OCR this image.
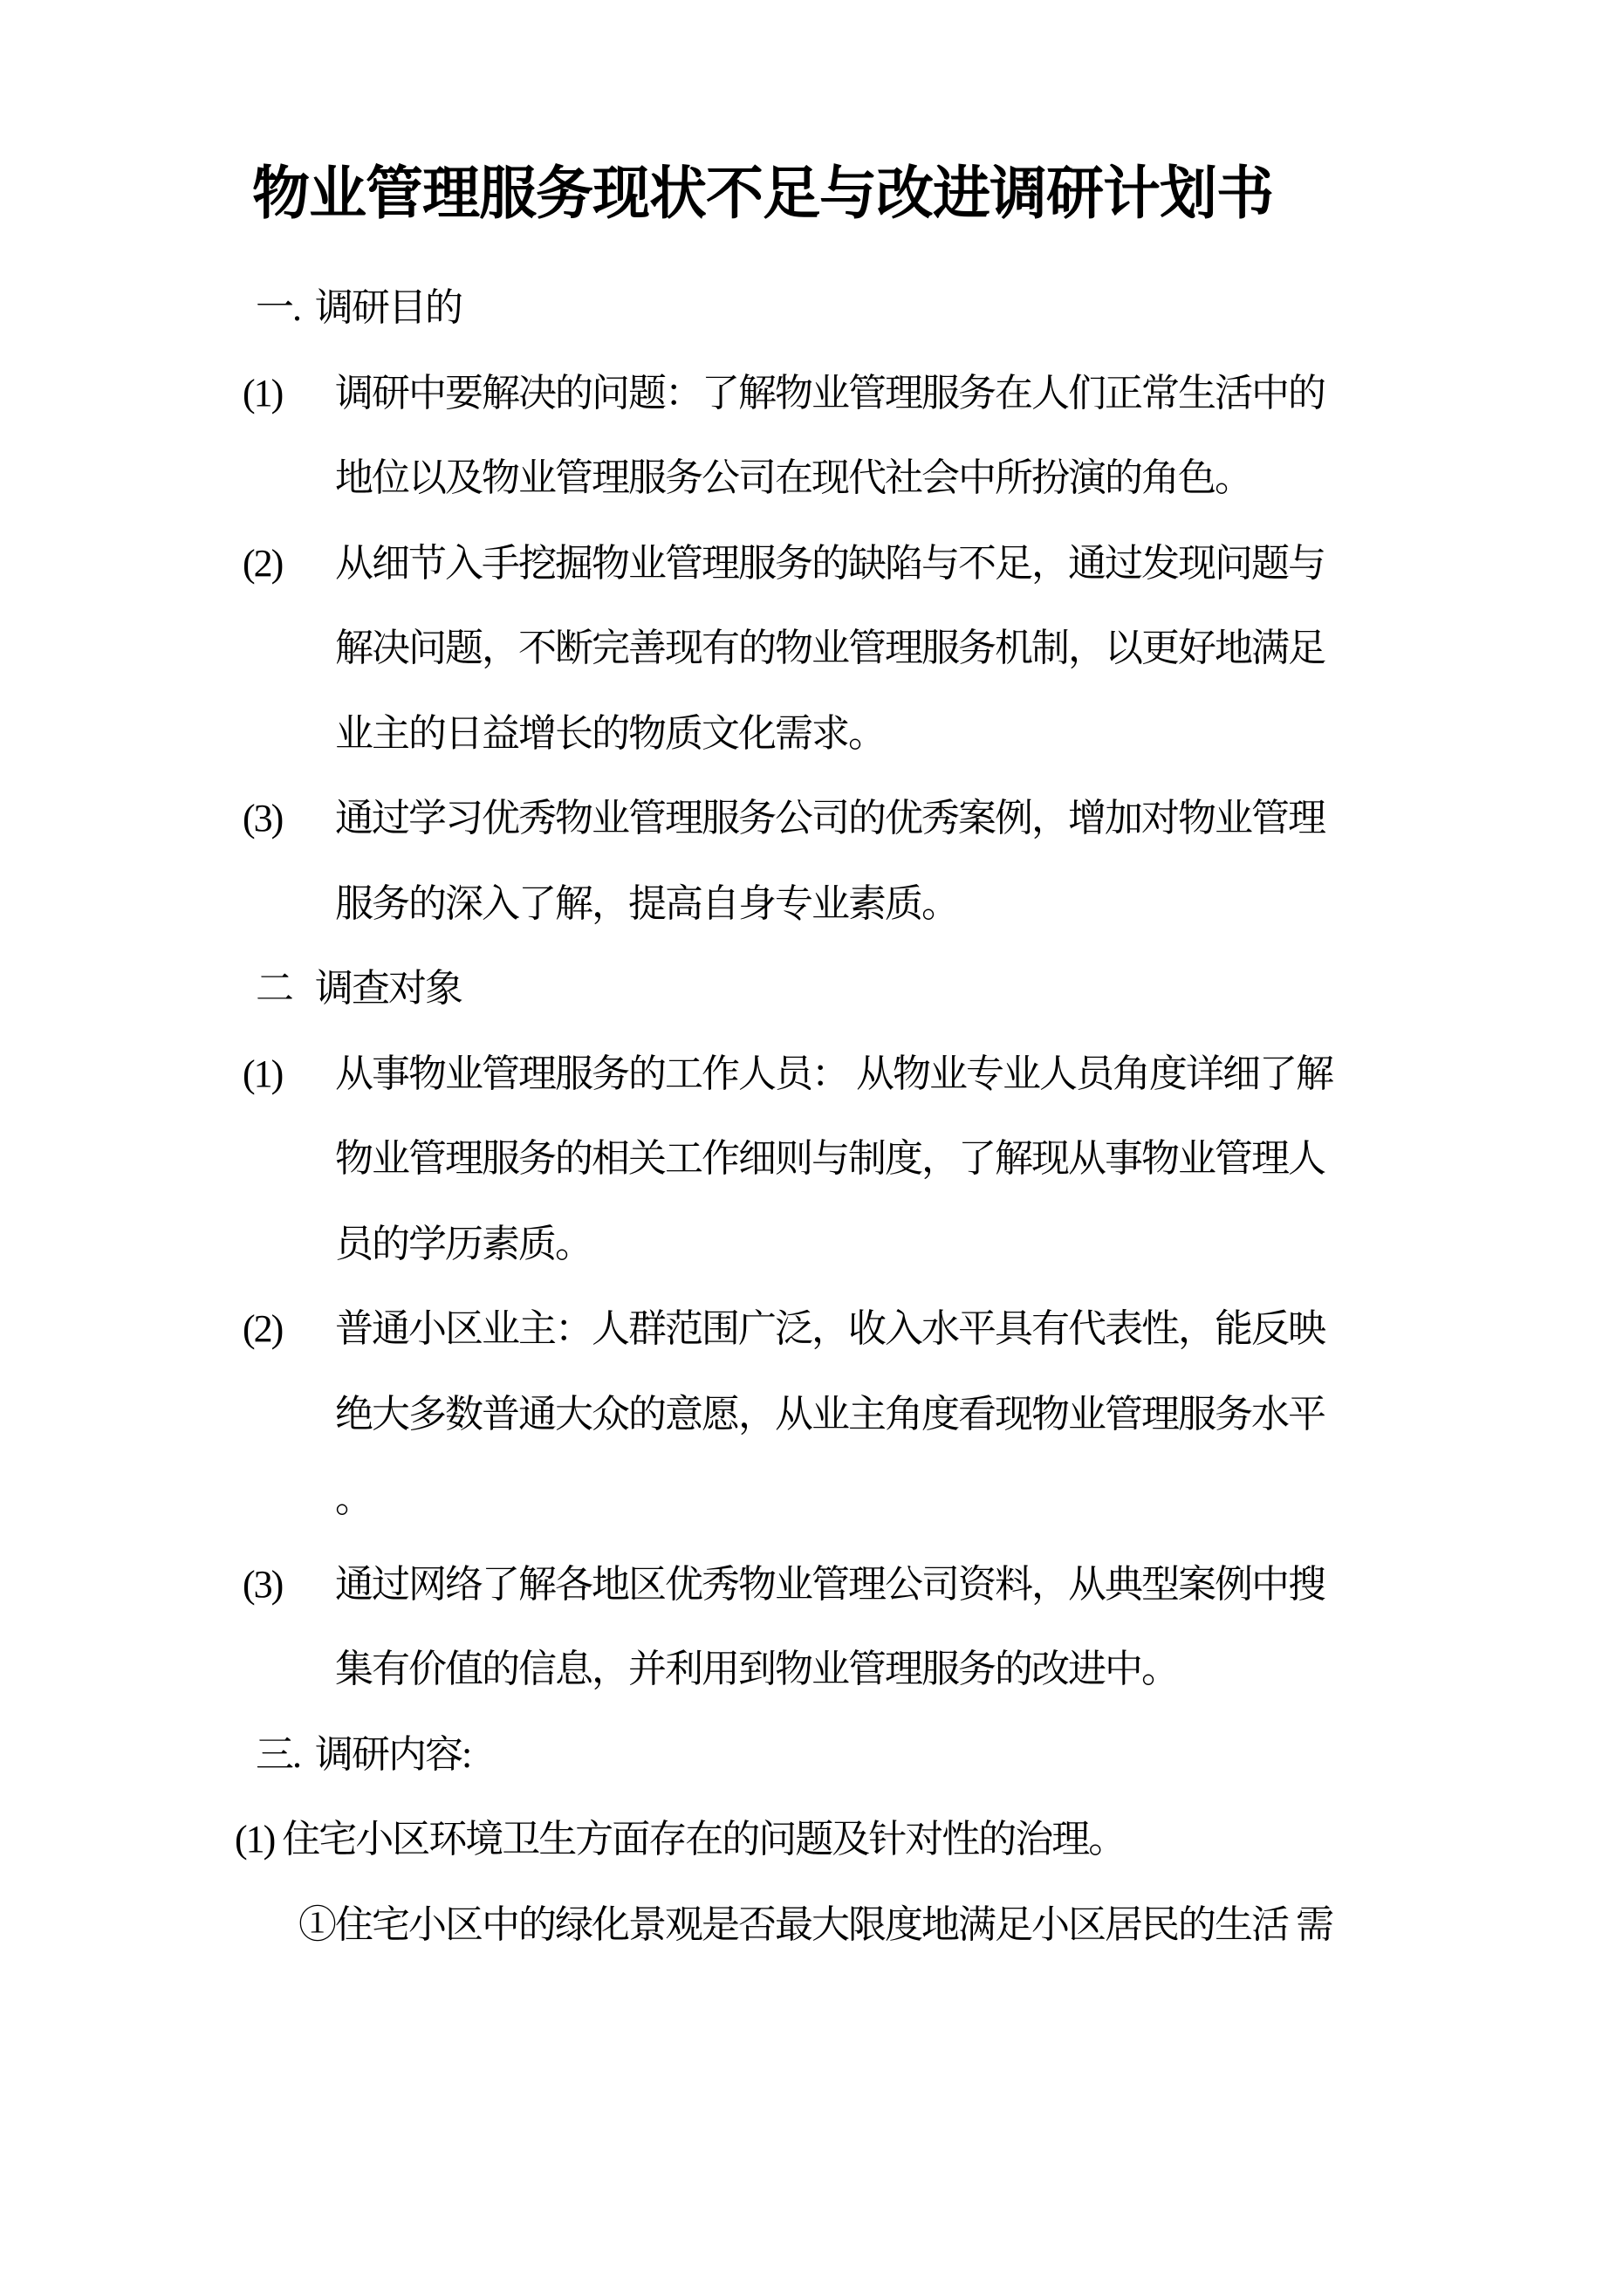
物业管理服务现状不足与改进调研计划书
一. 调研目的
(1) 调研中要解决的问题：了解物业管理服务在人们正常生活中的
地位以及物业管理服务公司在现代社会中所扮演的角色。
(2) 从细节入手挖掘物业管理服务的缺陷与不足，通过发现问题与
解决问题，不断完善现有的物业管理服务机制，以更好地满足
业主的日益增长的物质文化需求。
(3) 通过学习优秀物业管理服务公司的优秀案例，增加对物业管理
服务的深入了解，提高自身专业素质。
二 调查对象
(1) 从事物业管理服务的工作人员： 从物业专业人员角度详细了解
物业管理服务的相关工作细则与制度，了解现从事物业管理人
员的学历素质。
(2) 普通小区业主：人群范围广泛，收入水平具有代表性，能反映
绝大多数普通大众的意愿，从业主角度看现物业管理服务水平
。
(3) 通过网络了解各地区优秀物业管理公司资料，从典型案例中搜
集有价值的信息，并利用到物业管理服务的改进中。
三. 调研内容:
(1) 住宅小区环境卫生方面存在的问题及针对性的治理。
①住宅小区中的绿化景观是否最大限度地满足小区居民的生活 需
